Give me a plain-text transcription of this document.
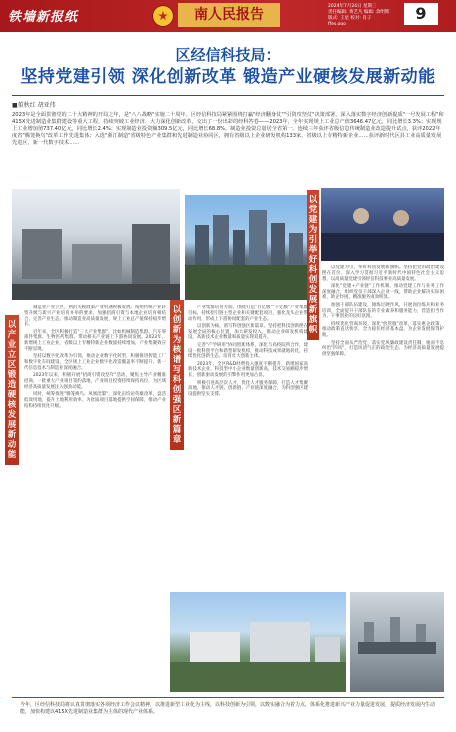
铁墙新报纸	南人民报告
2024年7月24日 星期三
责任编辑: 黄艺凡 编辑: 余明辉
版式: 王星 校对: 肖子
ffes.ooo
9
区经信科技局：
坚持党建引领 深化创新改革 锻造产业硬核发展新动能
■董秋红 胡亚伟
2023年是全面贯彻党的二十大精神的开局之年，是"八八战略"实施二十周年。区经信科技局紧紧围绕打赢"经济翻身仗""引资攻坚仗"决策部署，深入落实数字经济创新提质"一号发展工程"和415X先进制造业集群建设等重大工程，持续突破工业经济、大力深化创新改革，交出了一份出彩的经科答卷——2023年，全年实现规上工业总产值3646.47亿元，同比增长3.3%；实现规上工业增加值737.40亿元，同比增长2.4%；实现制造业投资额309.5亿元，同比增长68.8%，制造业投资总量居全省第一。连续三年获评省级信息传统制造业改造提升试点，获评2022年度省"腾笼换鸟"改革工作先进集体；入选"浙江制造"省级特色产业集群和先进制造业协同区，拥有省级以上企业研发机构133家，省级以上专精特新企业……获评新时代区县工业高质量发展先进区，新一代数字技术……
以产业立区
锻造硬核
发展新动能
以创新为核
谱写科创
强区新篇章
以党建为引
举好科
创发展新
旗帜

制造业产业立区，两沿关税政策产业机遇积极发展。按照传统产业转型升级与新兴产业培育并举的要求，加强招商引资与本地企业培育相结合，完善产业生态，推动制造业高质量发展，规上工业总产值保持稳步增长。

近年来，全区积极打造"三大产业集群"，比如机械制造集群、汽车零部件集群、生物医药集群，带动相关产业链上下游协同发展。2023年，新增规上工业企业，省级以上专精特新企业数量持续增加，产业集聚效应不断显现。

坚持以数字化改革为引领，推动企业数字化转型，积极推进智能工厂和数字化车间建设，全区规上工业企业数字化改造覆盖率不断提升，新一代信息技术与制造业深度融合。

2023年以来，积极开展"招商引资攻坚年"活动，聚焦主导产业精准招商，一批重大产业项目签约落地，产业项目投资持续保持高位，为区域经济高质量发展注入强劲动能。

同时，统筹推进"腾笼换鸟、凤凰涅槃"，深化亩均论英雄改革，盘活低效用地，提升土地利用效率，为优质项目落地提供空间保障，推动产业结构持续优化升级。

产业集群培育方面，围绕打造"百亿级""千亿级"产业集群目标，持续招引链主型企业和关键配套项目，强化龙头企业带动作用，形成上下游协同配套的产业生态。

以创新为核，谱写科创强区新篇章。坚持把科技创新摆在发展全局的核心位置，加大研发投入，推动企业研发机构建设，高新技术企业数量和质量实现双提升。

完善"产学研用"协同创新体系，深化与高校院所合作，建设一批科创平台和新型研发机构，推动科技成果就地转化，持续优化创新生态，培育壮大创新主体。

2023年，全区R&D经费投入强度不断提升，新增国家高新技术企业、科技型中小企业数量创新高，技术交易额稳步增长，创新驱动发展的引擎作用更加凸显。

积极引进高层次人才，优化人才服务保障，打造人才集聚高地，推动人才链、创新链、产业链深度融合，为科创强区建设提供坚实支撑。

以党建为引，举好科创发展新旗帜。坚持把党的政治建设摆在首位，深入学习贯彻习近平新时代中国特色社会主义思想，以高质量党建引领经信科技事业高质量发展。

深化"党建+产业链"工作机制，推动党建工作与业务工作深度融合，组织党员干部深入企业一线，帮助企业解决实际困难，助企纾困、精准服务成效明显。

加强干部队伍建设，锤炼过硬作风，开展岗位练兵和业务培训，全面提升干部队伍的专业素养和服务能力，营造担当作为、干事创业的良好氛围。

持续优化营商环境，深化"放管服"改革，落实惠企政策，推动政策直达快享，全力稳住经济基本盘，为企业发展保驾护航。

坚持全面从严治党，落实党风廉政建设责任制，驰而不息纠治"四风"，打造风清气正的政治生态，为经济高质量发展提供坚强保障。

今年，区经信科技局将认真贯彻落实各项经济工作会议精神，以推进新型工业化为主线，以科技创新为引领，以数实融合为着力点，体系化推进新兴产业力量促进发展，提质经济发展内生动能，加快构建以415X先进制造业集群为主体的现代产业体系。
